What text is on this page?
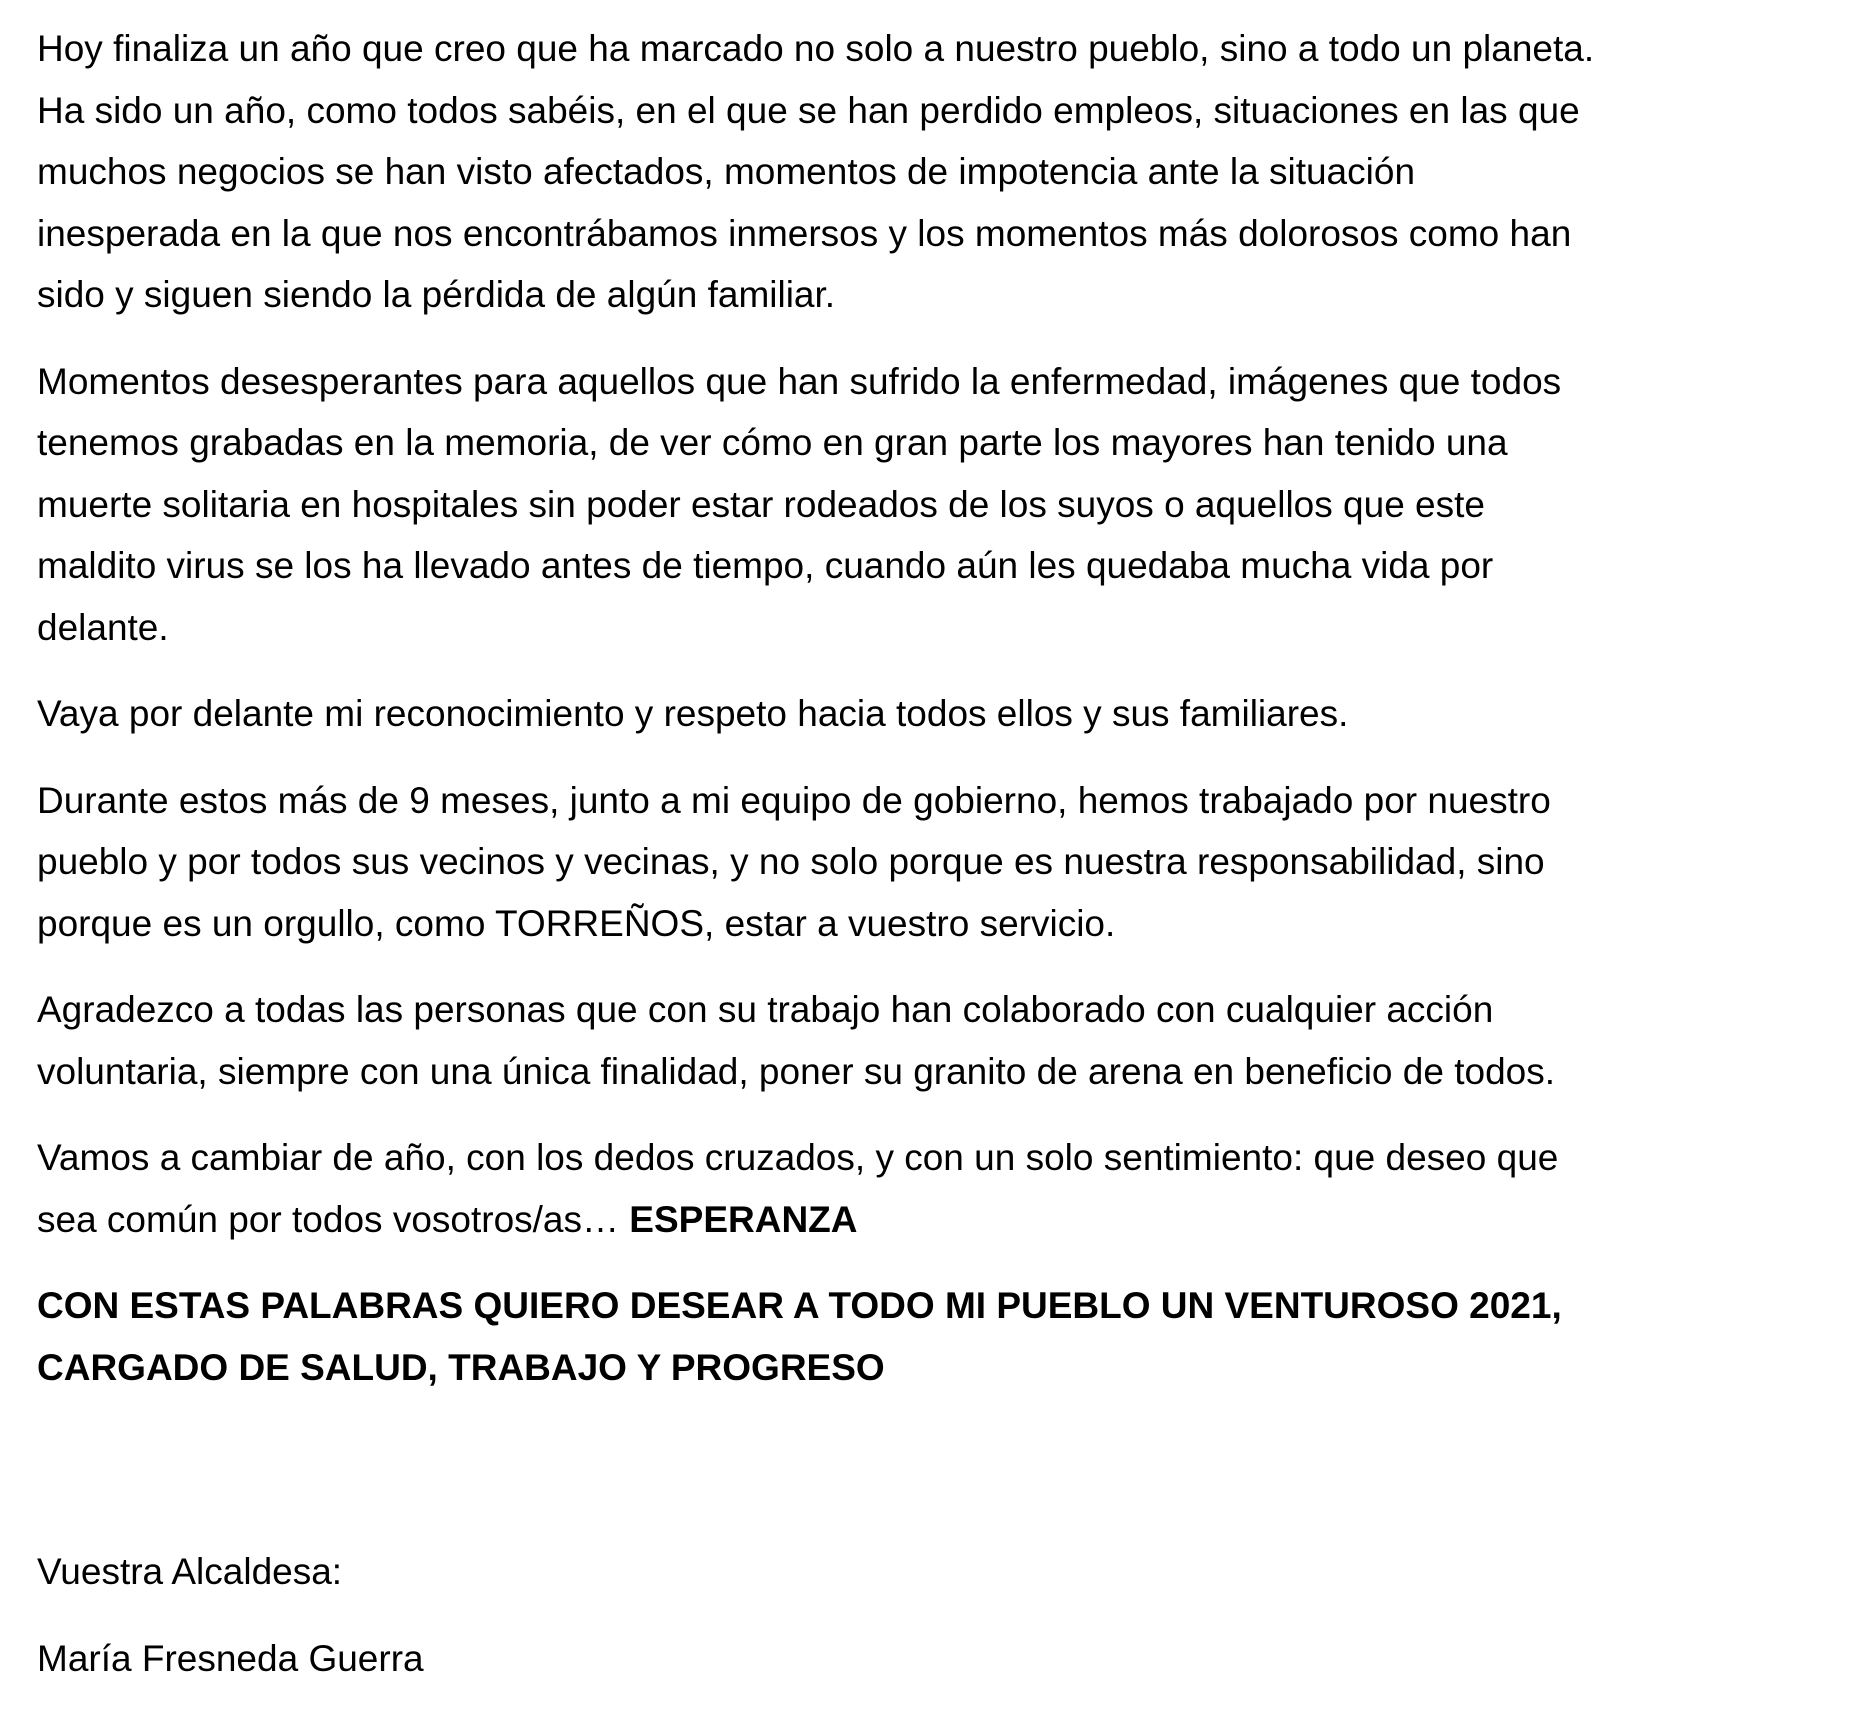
Hoy finaliza un año que creo que ha marcado no solo a nuestro pueblo, sino a todo un planeta.
Ha sido un año, como todos sabéis, en el que se han perdido empleos, situaciones en las que
muchos negocios se han visto afectados, momentos de impotencia ante la situación
inesperada en la que nos encontrábamos inmersos y los momentos más dolorosos como han
sido y siguen siendo la pérdida de algún familiar.

Momentos desesperantes para aquellos que han sufrido la enfermedad, imágenes que todos
tenemos grabadas en la memoria, de ver cómo en gran parte los mayores han tenido una
muerte solitaria en hospitales sin poder estar rodeados de los suyos o aquellos que este
maldito virus se los ha llevado antes de tiempo, cuando aún les quedaba mucha vida por
delante.

Vaya por delante mi reconocimiento y respeto hacia todos ellos y sus familiares.

Durante estos más de 9 meses, junto a mi equipo de gobierno, hemos trabajado por nuestro
pueblo y por todos sus vecinos y vecinas, y no solo porque es nuestra responsabilidad, sino
porque es un orgullo, como TORREÑOS, estar a vuestro servicio.

Agradezco a todas las personas que con su trabajo han colaborado con cualquier acción
voluntaria, siempre con una única finalidad, poner su granito de arena en beneficio de todos.

Vamos a cambiar de año, con los dedos cruzados, y con un solo sentimiento: que deseo que
sea común por todos vosotros/as… ESPERANZA

CON ESTAS PALABRAS QUIERO DESEAR A TODO MI PUEBLO UN VENTUROSO 2021,
CARGADO DE SALUD, TRABAJO Y PROGRESO

Vuestra Alcaldesa:

María Fresneda Guerra
